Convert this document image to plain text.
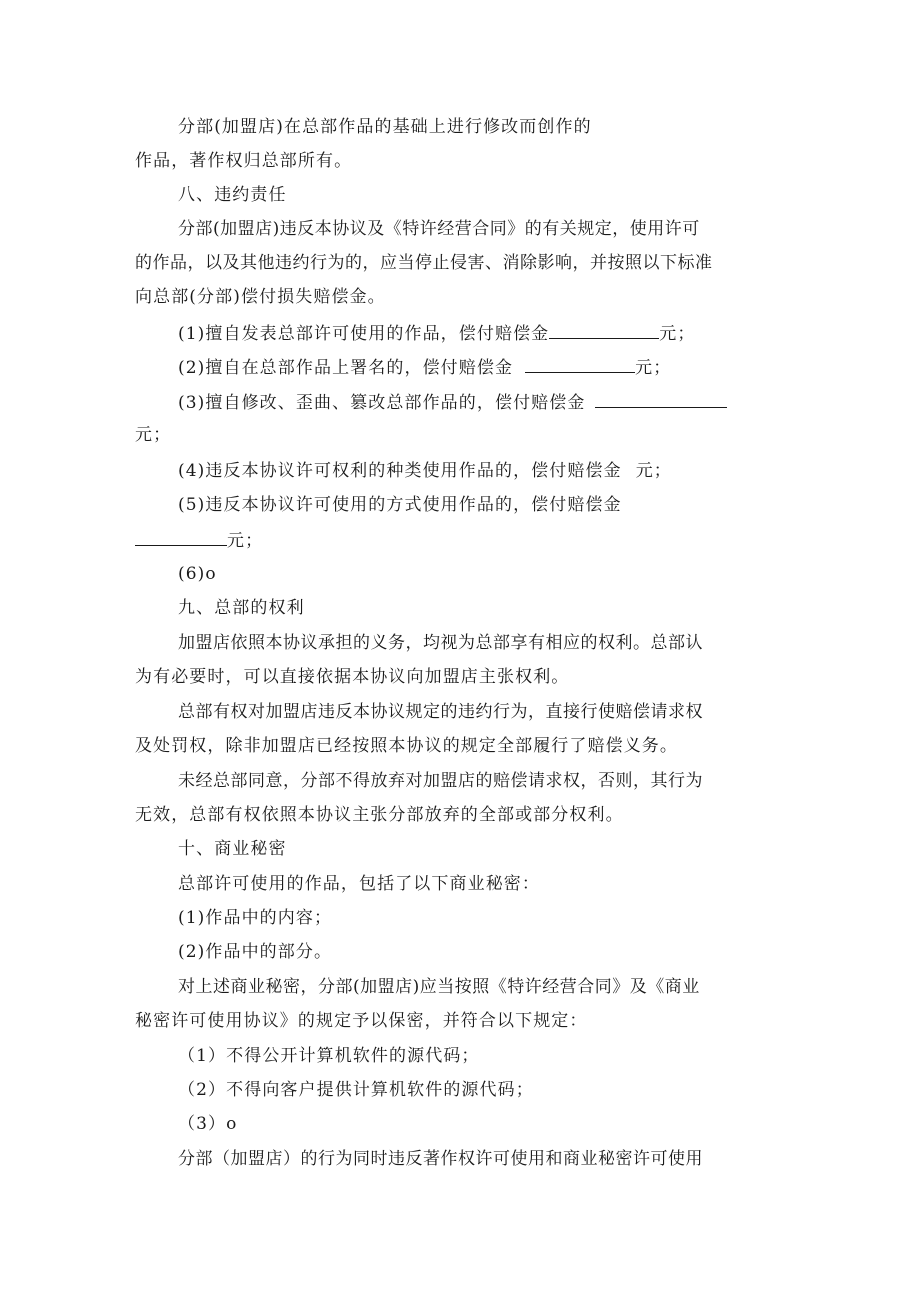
分部(加盟店)在总部作品的基础上进行修改而创作的
作品，著作权归总部所有。
八、违约责任
分部(加盟店)违反本协议及《特许经营合同》的有关规定，使用许可
的作品，以及其他违约行为的，应当停止侵害、消除影响，并按照以下标准
向总部(分部)偿付损失赔偿金。
(1)擅自发表总部许可使用的作品，偿付赔偿金	元；
(2)擅自在总部作品上署名的，偿付赔偿金	元；
(3)擅自修改、歪曲、篡改总部作品的，偿付赔偿金
元；
(4)违反本协议许可权利的种类使用作品的，偿付赔偿金 元；
(5)违反本协议许可使用的方式使用作品的，偿付赔偿金
元；
(6)o
九、总部的权利
加盟店依照本协议承担的义务，均视为总部享有相应的权利。总部认
为有必要时，可以直接依据本协议向加盟店主张权利。
总部有权对加盟店违反本协议规定的违约行为，直接行使赔偿请求权
及处罚权，除非加盟店已经按照本协议的规定全部履行了赔偿义务。
未经总部同意，分部不得放弃对加盟店的赔偿请求权，否则，其行为
无效，总部有权依照本协议主张分部放弃的全部或部分权利。
十、商业秘密
总部许可使用的作品，包括了以下商业秘密：
(1)作品中的内容；
(2)作品中的部分。
对上述商业秘密，分部(加盟店)应当按照《特许经营合同》及《商业
秘密许可使用协议》的规定予以保密，并符合以下规定：
（1）不得公开计算机软件的源代码；
（2）不得向客户提供计算机软件的源代码；
（3）o
分部（加盟店）的行为同时违反著作权许可使用和商业秘密许可使用
